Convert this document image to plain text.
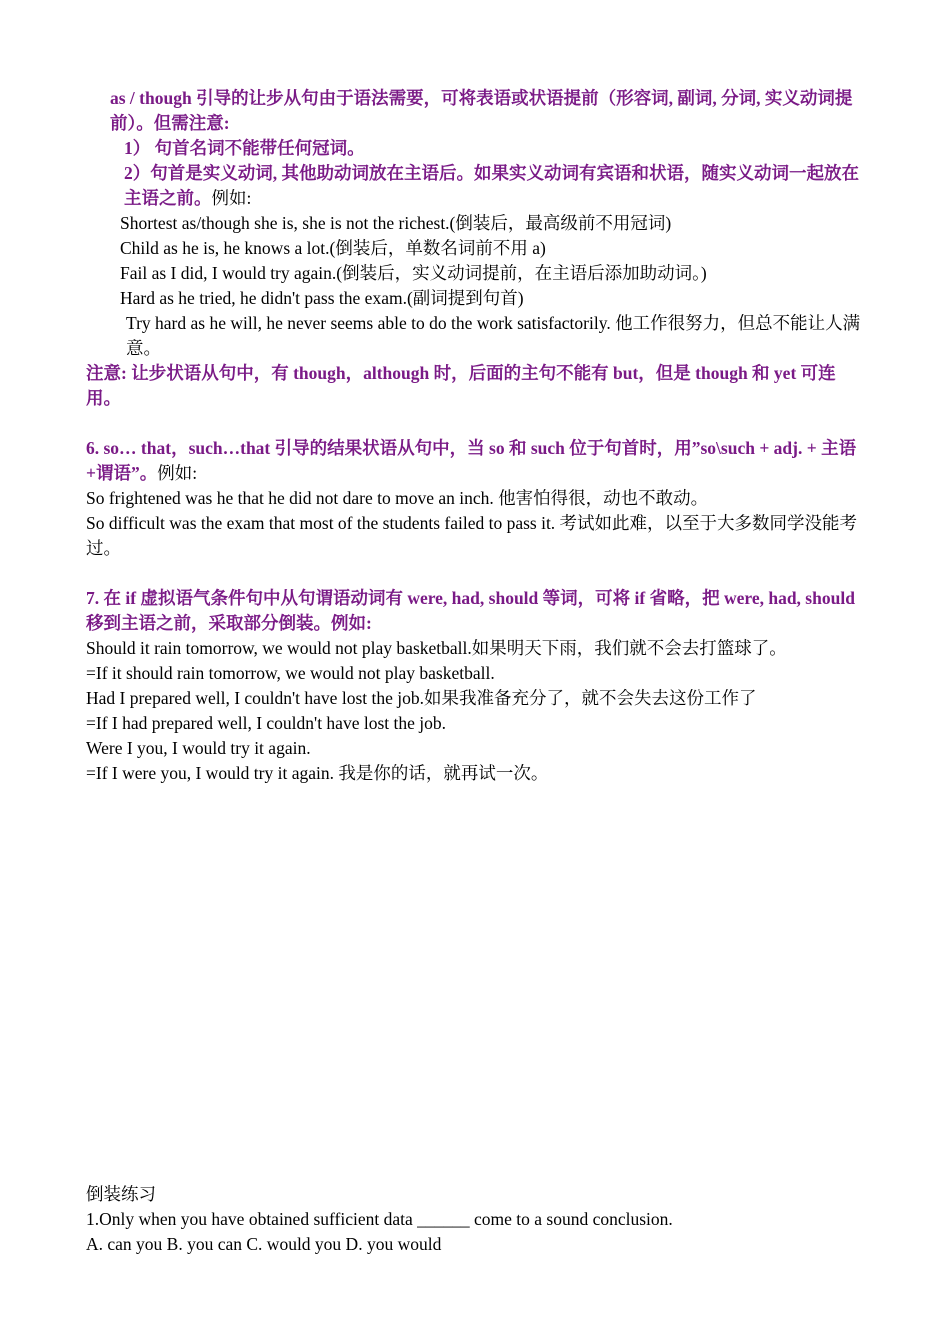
as / though 引导的让步从句由于语法需要，可将表语或状语提前（形容词, 副词, 分词, 实义动词提前）。但需注意:
1） 句首名词不能带任何冠词。
2）句首是实义动词, 其他助动词放在主语后。如果实义动词有宾语和状语，随实义动词一起放在主语之前。例如:
Shortest as/though she is, she is not the richest.(倒装后，最高级前不用冠词)
Child as he is, he knows a lot.(倒装后，单数名词前不用 a)
Fail as I did, I would try again.(倒装后，实义动词提前，在主语后添加助动词。)
Hard as he tried, he didn't pass the exam.(副词提到句首)
Try hard as he will, he never seems able to do the work satisfactorily. 他工作很努力，但总不能让人满意。
注意: 让步状语从句中，有 though，although 时，后面的主句不能有 but，但是 though 和 yet 可连用。
6. so… that，such…that 引导的结果状语从句中，当 so 和 such 位于句首时，用”so\such + adj. + 主语+谓语”。例如:
So frightened was he that he did not dare to move an inch. 他害怕得很，动也不敢动。
So difficult was the exam that most of the students failed to pass it. 考试如此难，以至于大多数同学没能考过。
7. 在 if 虚拟语气条件句中从句谓语动词有 were, had, should 等词，可将 if 省略，把 were, had, should 移到主语之前，采取部分倒装。例如:
Should it rain tomorrow, we would not play basketball.如果明天下雨，我们就不会去打篮球了。
=If it should rain tomorrow, we would not play basketball.
Had I prepared well, I couldn't have lost the job.如果我准备充分了，就不会失去这份工作了
=If I had prepared well, I couldn't have lost the job.
Were I you, I would try it again.
=If I were you, I would try it again. 我是你的话，就再试一次。
倒装练习
1.Only when you have obtained sufficient data ______ come to a sound conclusion.
A. can you B. you can C. would you D. you would
